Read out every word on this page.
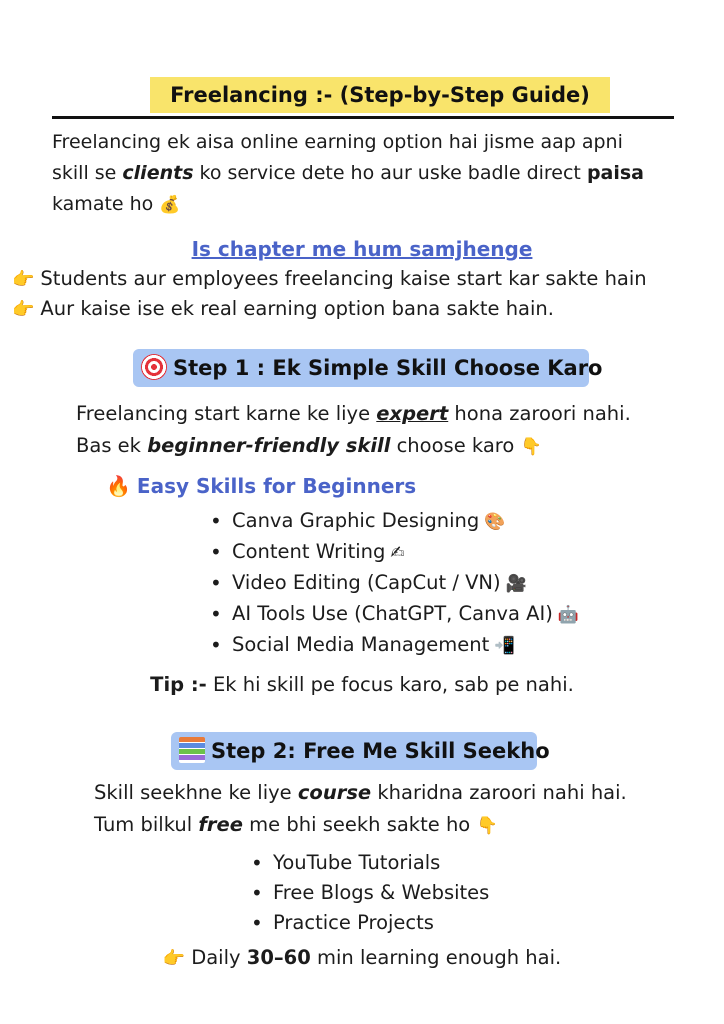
Freelancing :- (Step-by-Step Guide)
Freelancing ek aisa online earning option hai jisme aap apni
skill se clients ko service dete ho aur uske badle direct paisa
kamate ho 💰
Is chapter me hum samjhenge
👉 Students aur employees freelancing kaise start kar sakte hain
👉 Aur kaise ise ek real earning option bana sakte hain.
Step 1 : Ek Simple Skill Choose Karo
Freelancing start karne ke liye expert hona zaroori nahi.
Bas ek beginner-friendly skill choose karo 👇
🔥 Easy Skills for Beginners
• Canva Graphic Designing 🎨
• Content Writing ✍
• Video Editing (CapCut / VN) 🎥
• AI Tools Use (ChatGPT, Canva AI) 🤖
• Social Media Management 📲
Tip :- Ek hi skill pe focus karo, sab pe nahi.
Step 2: Free Me Skill Seekho
Skill seekhne ke liye course kharidna zaroori nahi hai.
Tum bilkul free me bhi seekh sakte ho 👇
• YouTube Tutorials
• Free Blogs & Websites
• Practice Projects
👉 Daily 30–60 min learning enough hai.
